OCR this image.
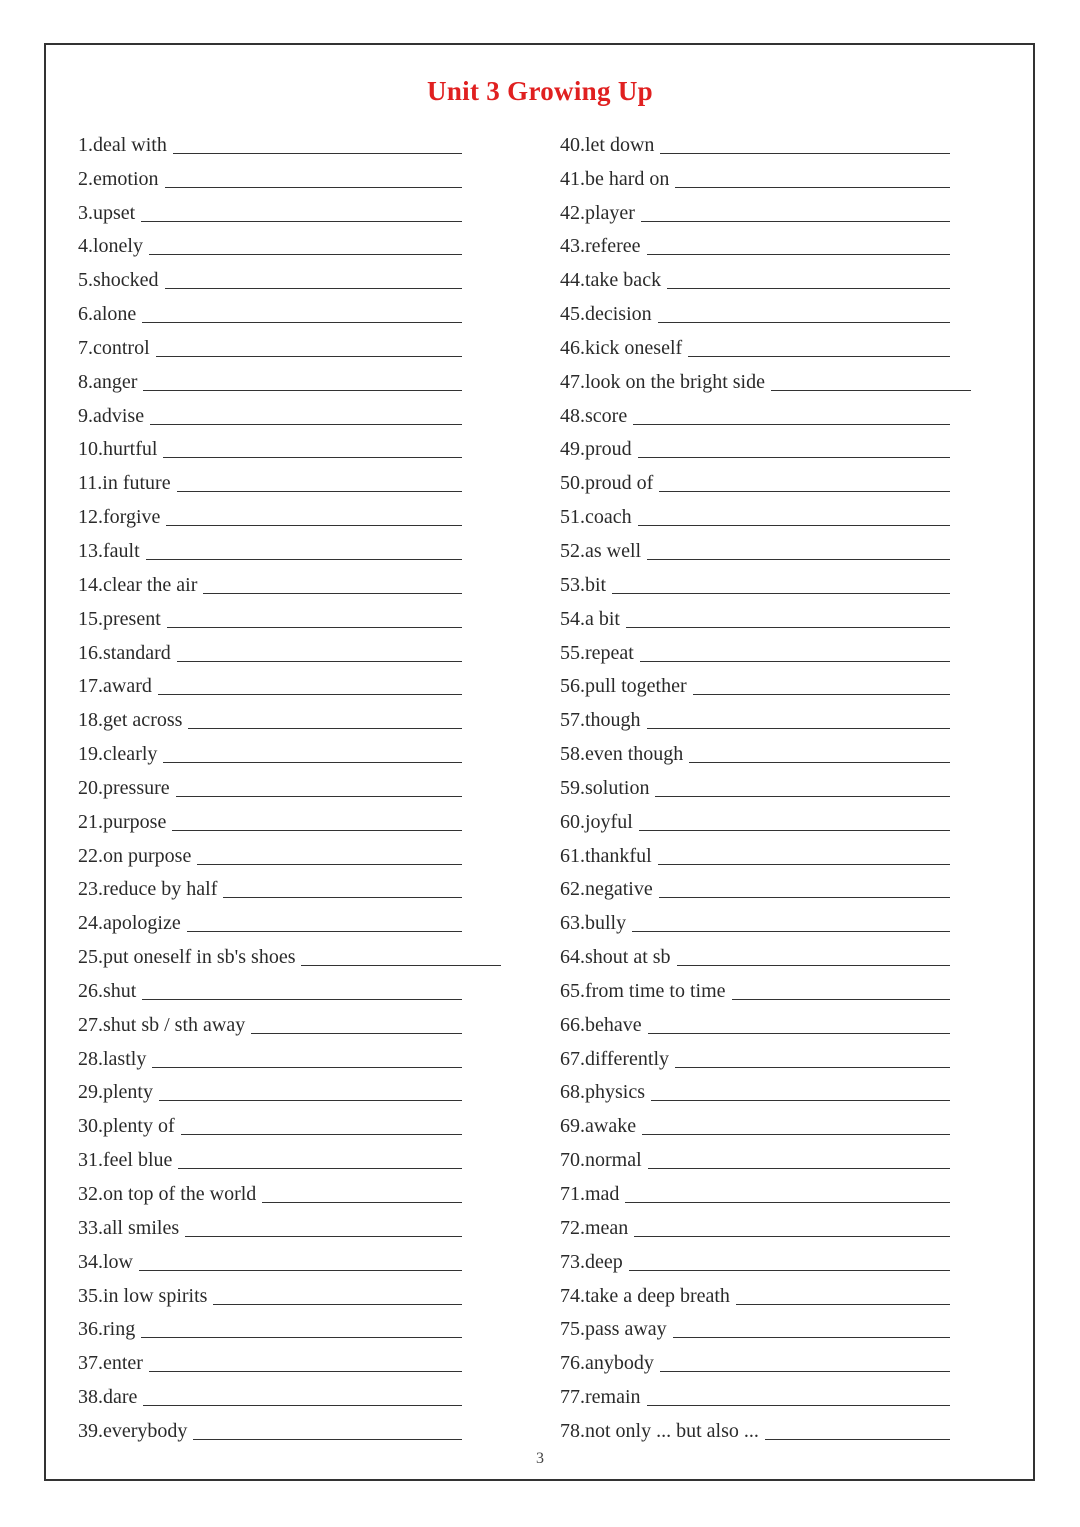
Unit 3 Growing Up
1.deal with
2.emotion
3.upset
4.lonely
5.shocked
6.alone
7.control
8.anger
9.advise
10.hurtful
11.in future
12.forgive
13.fault
14.clear the air
15.present
16.standard
17.award
18.get across
19.clearly
20.pressure
21.purpose
22.on purpose
23.reduce by half
24.apologize
25.put oneself in sb's shoes
26.shut
27.shut sb / sth away
28.lastly
29.plenty
30.plenty of
31.feel blue
32.on top of the world
33.all smiles
34.low
35.in low spirits
36.ring
37.enter
38.dare
39.everybody
40.let down
41.be hard on
42.player
43.referee
44.take back
45.decision
46.kick oneself
47.look on the bright side
48.score
49.proud
50.proud of
51.coach
52.as well
53.bit
54.a bit
55.repeat
56.pull together
57.though
58.even though
59.solution
60.joyful
61.thankful
62.negative
63.bully
64.shout at sb
65.from time to time
66.behave
67.differently
68.physics
69.awake
70.normal
71.mad
72.mean
73.deep
74.take a deep breath
75.pass away
76.anybody
77.remain
78.not only ... but also ...
3
